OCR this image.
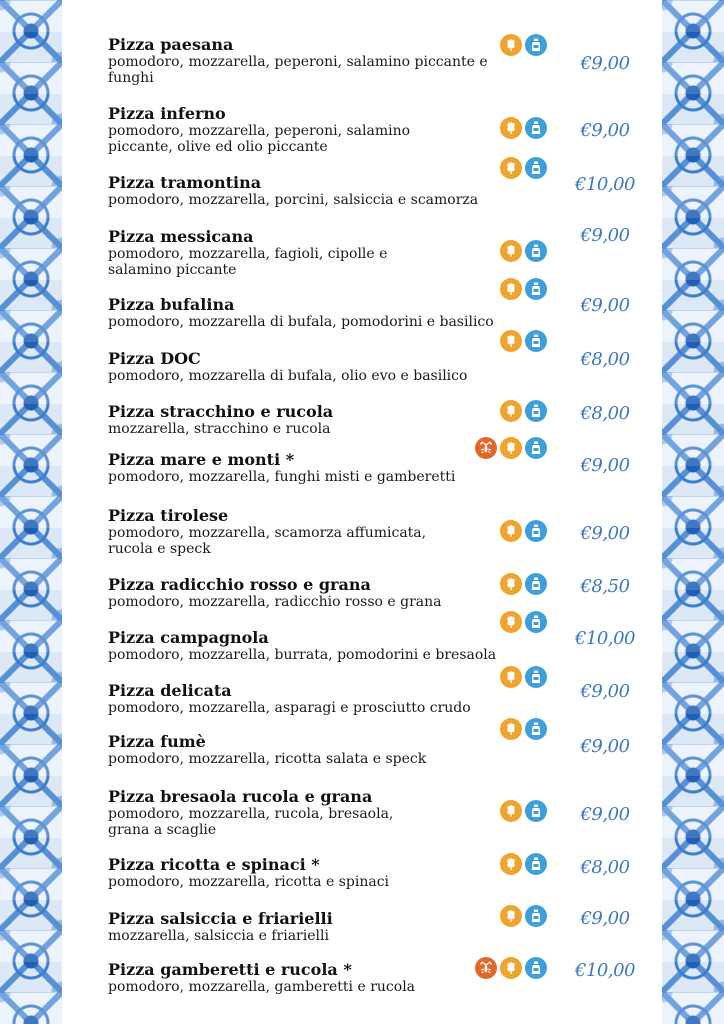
Pizza paesana
pomodoro, mozzarella, peperoni, salamino piccante e
funghi
€9,00
Pizza inferno
pomodoro, mozzarella, peperoni, salamino
piccante, olive ed olio piccante
€9,00
Pizza tramontina
pomodoro, mozzarella, porcini, salsiccia e scamorza
€10,00
Pizza messicana
pomodoro, mozzarella, fagioli, cipolle e
salamino piccante
€9,00
Pizza bufalina
pomodoro, mozzarella di bufala, pomodorini e basilico
€9,00
Pizza DOC
pomodoro, mozzarella di bufala, olio evo e basilico
€8,00
Pizza stracchino e rucola
mozzarella, stracchino e rucola
€8,00
Pizza mare e monti *
pomodoro, mozzarella, funghi misti e gamberetti
€9,00
Pizza tirolese
pomodoro, mozzarella, scamorza affumicata,
rucola e speck
€9,00
Pizza radicchio rosso e grana
pomodoro, mozzarella, radicchio rosso e grana
€8,50
Pizza campagnola
pomodoro, mozzarella, burrata, pomodorini e bresaola
€10,00
Pizza delicata
pomodoro, mozzarella, asparagi e prosciutto crudo
€9,00
Pizza fumè
pomodoro, mozzarella, ricotta salata e speck
€9,00
Pizza bresaola rucola e grana
pomodoro, mozzarella, rucola, bresaola,
grana a scaglie
€9,00
Pizza ricotta e spinaci *
pomodoro, mozzarella, ricotta e spinaci
€8,00
Pizza salsiccia e friarielli
mozzarella, salsiccia e friarielli
€9,00
Pizza gamberetti e rucola *
pomodoro, mozzarella, gamberetti e rucola
€10,00
